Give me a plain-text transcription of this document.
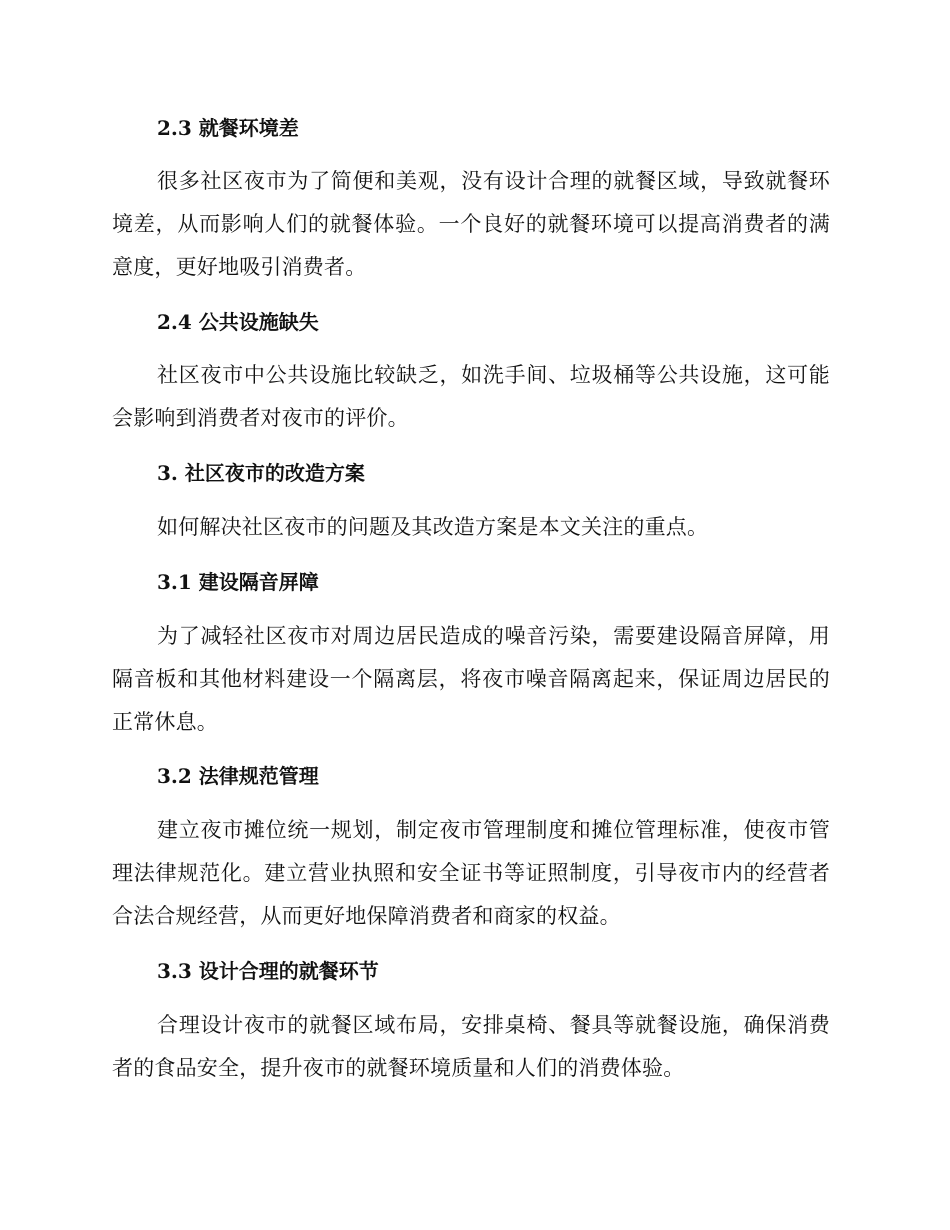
2.3 就餐环境差

很多社区夜市为了简便和美观，没有设计合理的就餐区域，导致就餐环境差，从而影响人们的就餐体验。一个良好的就餐环境可以提高消费者的满意度，更好地吸引消费者。

2.4 公共设施缺失

社区夜市中公共设施比较缺乏，如洗手间、垃圾桶等公共设施，这可能会影响到消费者对夜市的评价。

3. 社区夜市的改造方案

如何解决社区夜市的问题及其改造方案是本文关注的重点。

3.1 建设隔音屏障

为了减轻社区夜市对周边居民造成的噪音污染，需要建设隔音屏障，用隔音板和其他材料建设一个隔离层，将夜市噪音隔离起来，保证周边居民的正常休息。

3.2 法律规范管理

建立夜市摊位统一规划，制定夜市管理制度和摊位管理标准，使夜市管理法律规范化。建立营业执照和安全证书等证照制度，引导夜市内的经营者合法合规经营，从而更好地保障消费者和商家的权益。

3.3 设计合理的就餐环节

合理设计夜市的就餐区域布局，安排桌椅、餐具等就餐设施，确保消费者的食品安全，提升夜市的就餐环境质量和人们的消费体验。
